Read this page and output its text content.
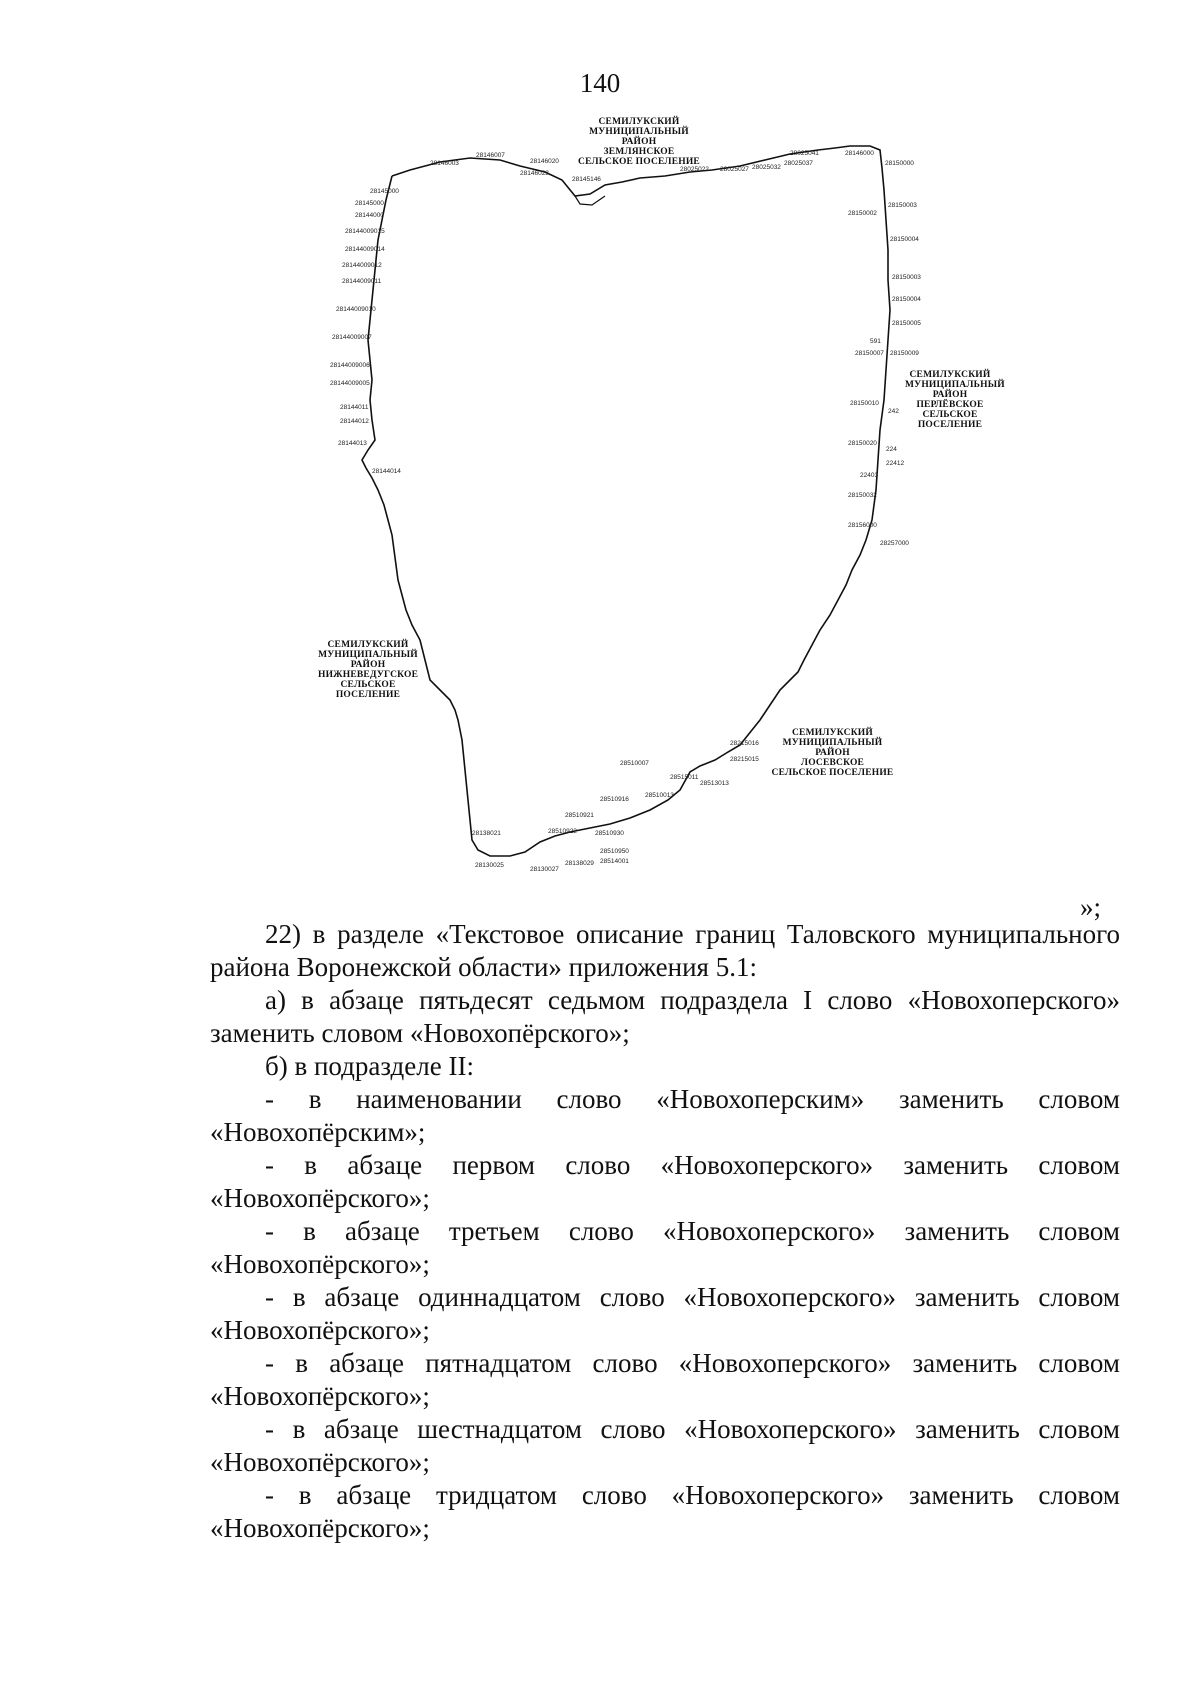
140
СЕМИЛУКСКИЙ
МУНИЦИПАЛЬНЫЙ РАЙОН
ЗЕМЛЯНСКОЕ
СЕЛЬСКОЕ ПОСЕЛЕНИЕ
СЕМИЛУКСКИЙ
МУНИЦИПАЛЬНЫЙ
РАЙОН
ПЕРЛЁВСКОЕ
СЕЛЬСКОЕ
ПОСЕЛЕНИЕ
СЕМИЛУКСКИЙ
МУНИЦИПАЛЬНЫЙ
РАЙОН
НИЖНЕВЕДУГСКОЕ
СЕЛЬСКОЕ
ПОСЕЛЕНИЕ
СЕМИЛУКСКИЙ
МУНИЦИПАЛЬНЫЙ РАЙОН
ЛОСЕВСКОЕ
СЕЛЬСКОЕ ПОСЕЛЕНИЕ
28146003
28146007
28146020
28146023
28145146
28025022 28025027 28025032
28025037
28025041	28146000
28145000
28145000
28144000
28144009015
28144009014
28144009012
28144009011
28144009010
28144009007
28144009006
28144009005
28144011
28144012
28144013
28144014
28150000
28150003
28150004
28150002
28150003
28150004
28150005
591
28150007 28150009
28150010
242
28150020
224
22412
22403
28150032
28156000
28257000
28130025
28130027
28138021
28138029
28510950
28514001
28510930
28510922
28510921
28510916
28510013
28510007
28515011
28513013
28215015
28215016
»;

22) в разделе «Текстовое описание границ Таловского муниципального района Воронежской области» приложения 5.1:

а) в абзаце пятьдесят седьмом подраздела I слово «Новохоперского» заменить словом «Новохопёрского»;

б) в подразделе II:

- в наименовании слово «Новохоперским» заменить словом «Новохопёрским»;

- в абзаце первом слово «Новохоперского» заменить словом «Новохопёрского»;

- в абзаце третьем слово «Новохоперского» заменить словом «Новохопёрского»;

- в абзаце одиннадцатом слово «Новохоперского» заменить словом «Новохопёрского»;

- в абзаце пятнадцатом слово «Новохоперского» заменить словом «Новохопёрского»;

- в абзаце шестнадцатом слово «Новохоперского» заменить словом «Новохопёрского»;

- в абзаце тридцатом слово «Новохоперского» заменить словом «Новохопёрского»;
